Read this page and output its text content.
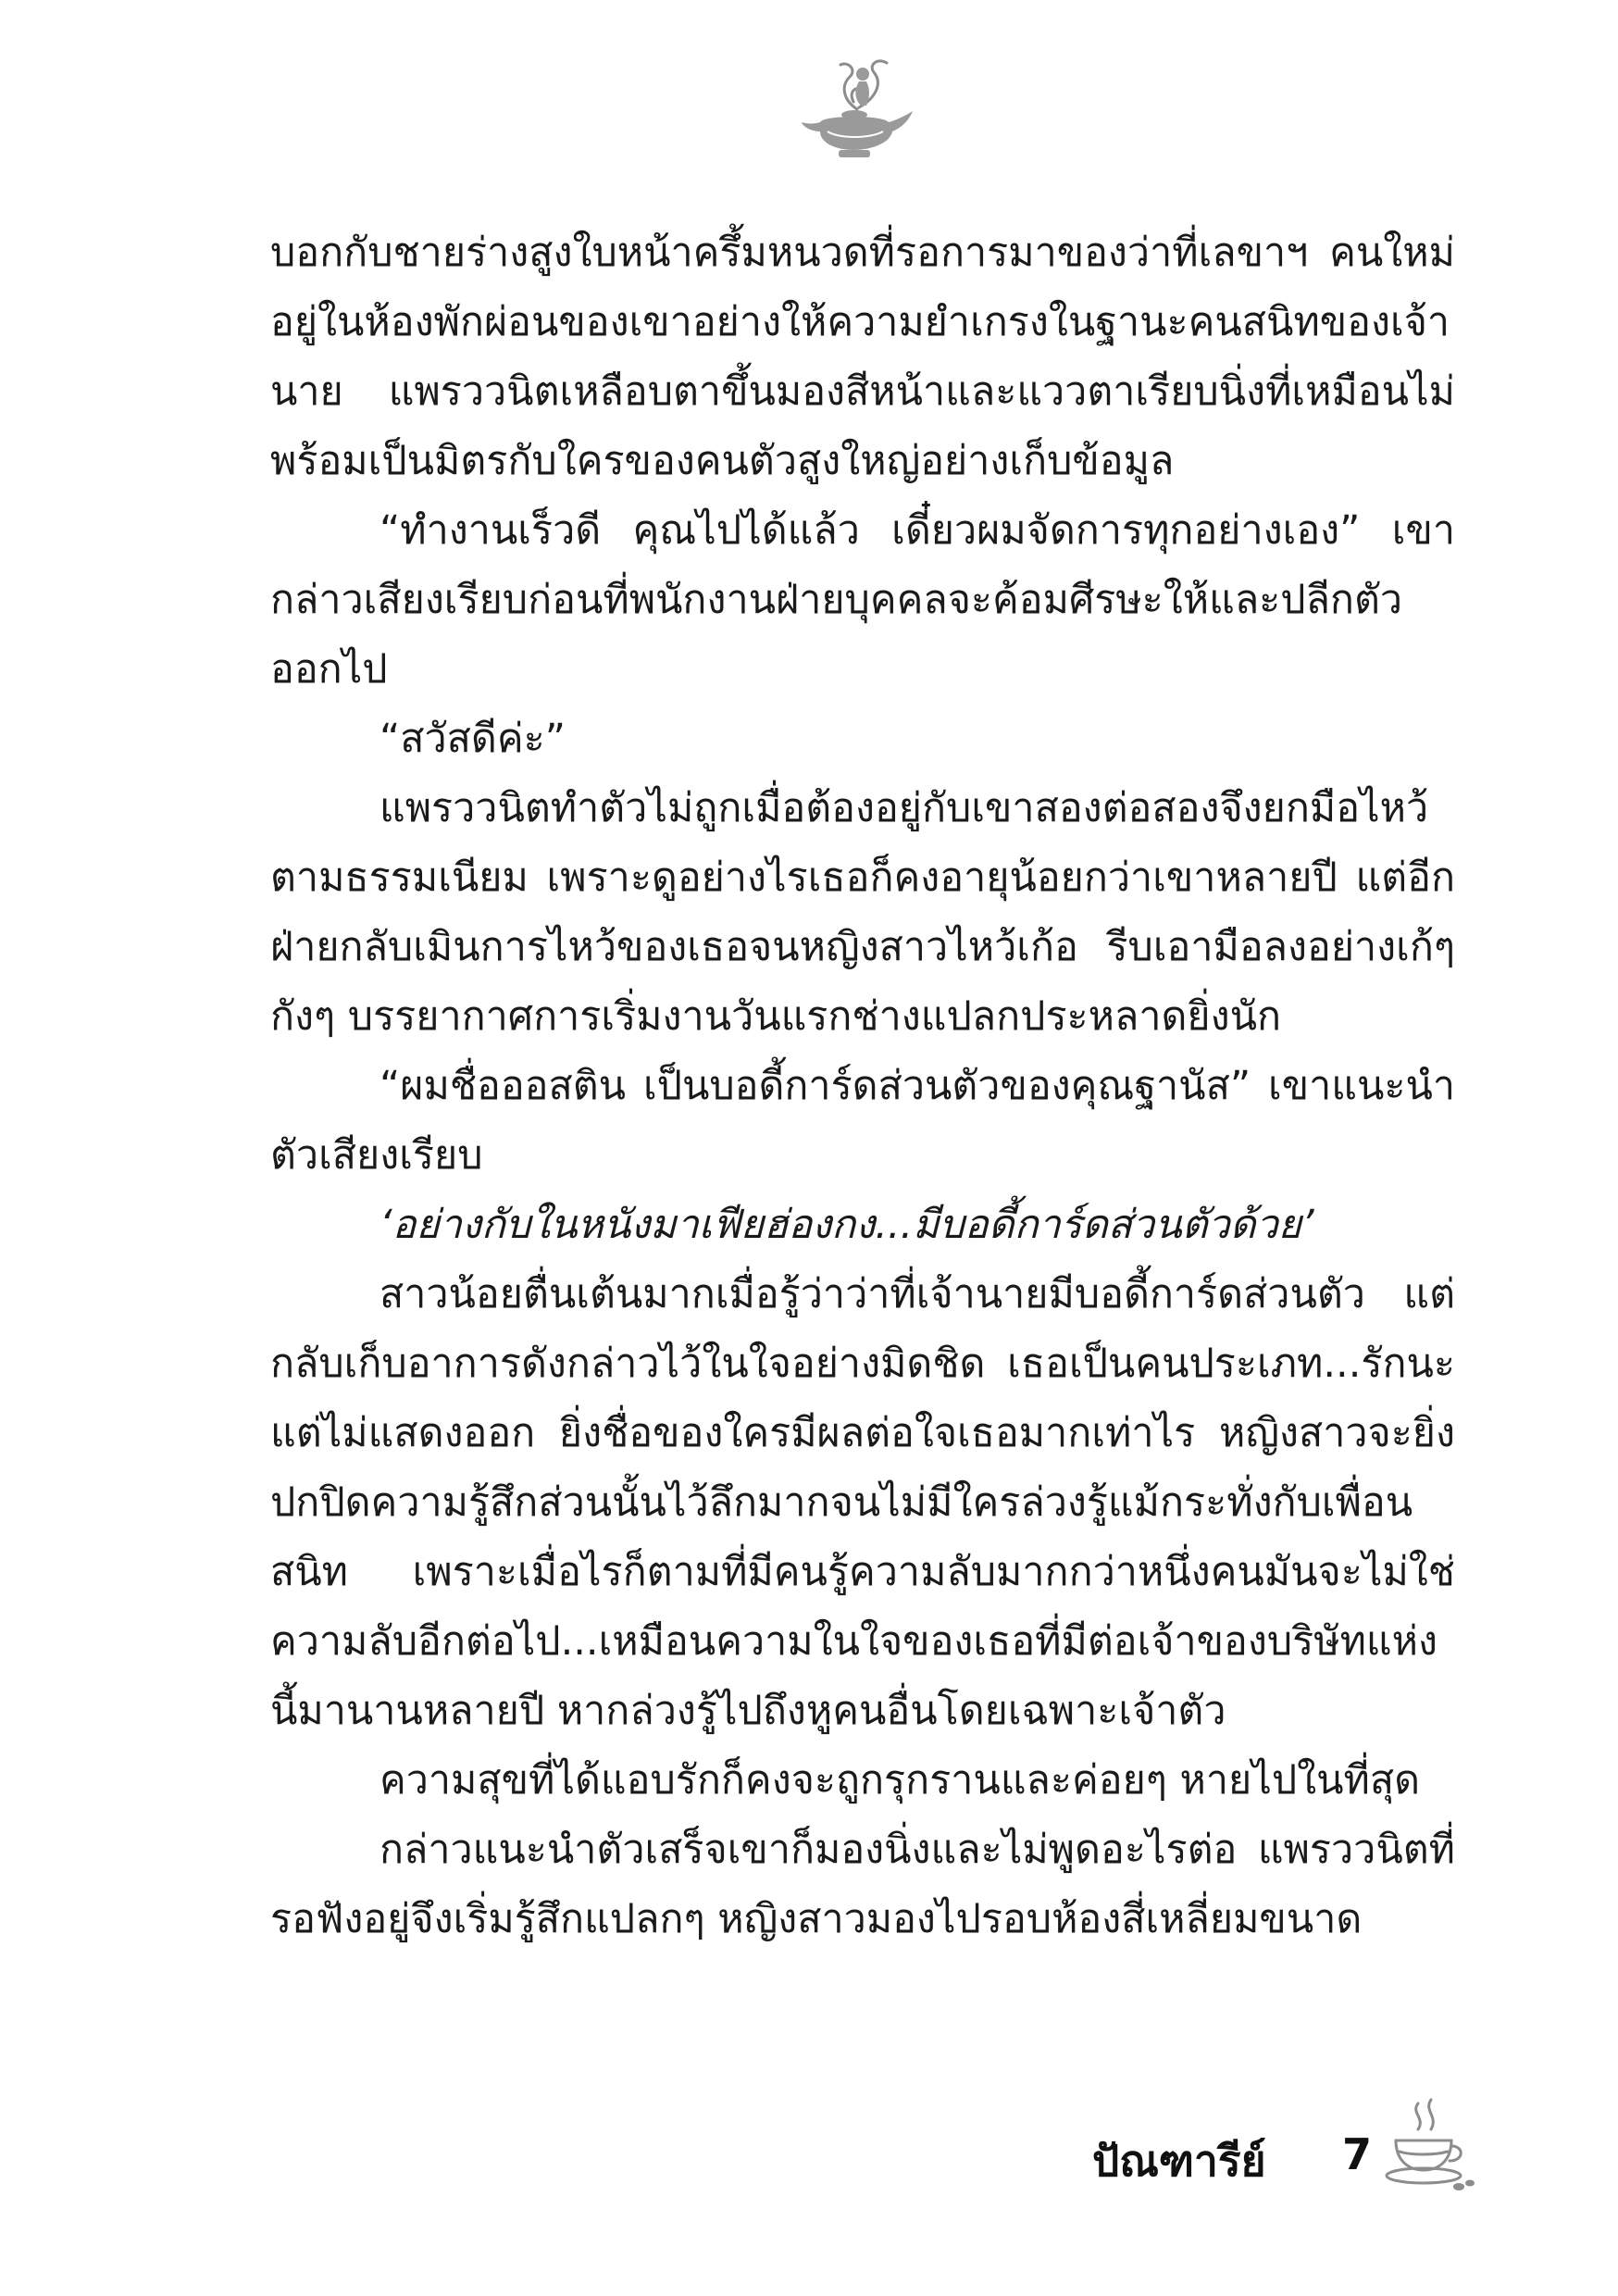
บอกกับชายร่างสูงใบหน้าครึ้มหนวดที่รอการมาของว่าที่เลขาฯ คนใหม่อยู่ในห้องพักผ่อนของเขาอย่างให้ความยำเกรงในฐานะคนสนิทของเจ้านาย แพรววนิตเหลือบตาขึ้นมองสีหน้าและแววตาเรียบนิ่งที่เหมือนไม่พร้อมเป็นมิตรกับใครของคนตัวสูงใหญ่อย่างเก็บข้อมูล

“ทำงานเร็วดี คุณไปได้แล้ว เดี๋ยวผมจัดการทุกอย่างเอง” เขากล่าวเสียงเรียบก่อนที่พนักงานฝ่ายบุคคลจะค้อมศีรษะให้และปลีกตัวออกไป

“สวัสดีค่ะ”

แพรววนิตทำตัวไม่ถูกเมื่อต้องอยู่กับเขาสองต่อสองจึงยกมือไหว้ตามธรรมเนียม เพราะดูอย่างไรเธอก็คงอายุน้อยกว่าเขาหลายปี แต่อีกฝ่ายกลับเมินการไหว้ของเธอจนหญิงสาวไหว้เก้อ รีบเอามือลงอย่างเก้ๆ กังๆ บรรยากาศการเริ่มงานวันแรกช่างแปลกประหลาดยิ่งนัก

“ผมชื่อออสติน เป็นบอดี้การ์ดส่วนตัวของคุณฐานัส” เขาแนะนำตัวเสียงเรียบ

‘อย่างกับในหนังมาเฟียฮ่องกง...มีบอดี้การ์ดส่วนตัวด้วย’

สาวน้อยตื่นเต้นมากเมื่อรู้ว่าว่าที่เจ้านายมีบอดี้การ์ดส่วนตัว แต่กลับเก็บอาการดังกล่าวไว้ในใจอย่างมิดชิด เธอเป็นคนประเภท...รักนะแต่ไม่แสดงออก ยิ่งชื่อของใครมีผลต่อใจเธอมากเท่าไร หญิงสาวจะยิ่งปกปิดความรู้สึกส่วนนั้นไว้ลึกมากจนไม่มีใครล่วงรู้แม้กระทั่งกับเพื่อนสนิท เพราะเมื่อไรก็ตามที่มีคนรู้ความลับมากกว่าหนึ่งคนมันจะไม่ใช่ความลับอีกต่อไป...เหมือนความในใจของเธอที่มีต่อเจ้าของบริษัทแห่งนี้มานานหลายปี หากล่วงรู้ไปถึงหูคนอื่นโดยเฉพาะเจ้าตัว

ความสุขที่ได้แอบรักก็คงจะถูกรุกรานและค่อยๆ หายไปในที่สุด

กล่าวแนะนำตัวเสร็จเขาก็มองนิ่งและไม่พูดอะไรต่อ แพรววนิตที่รอฟังอยู่จึงเริ่มรู้สึกแปลกๆ หญิงสาวมองไปรอบห้องสี่เหลี่ยมขนาด

ปัณฑารีย์ 7
